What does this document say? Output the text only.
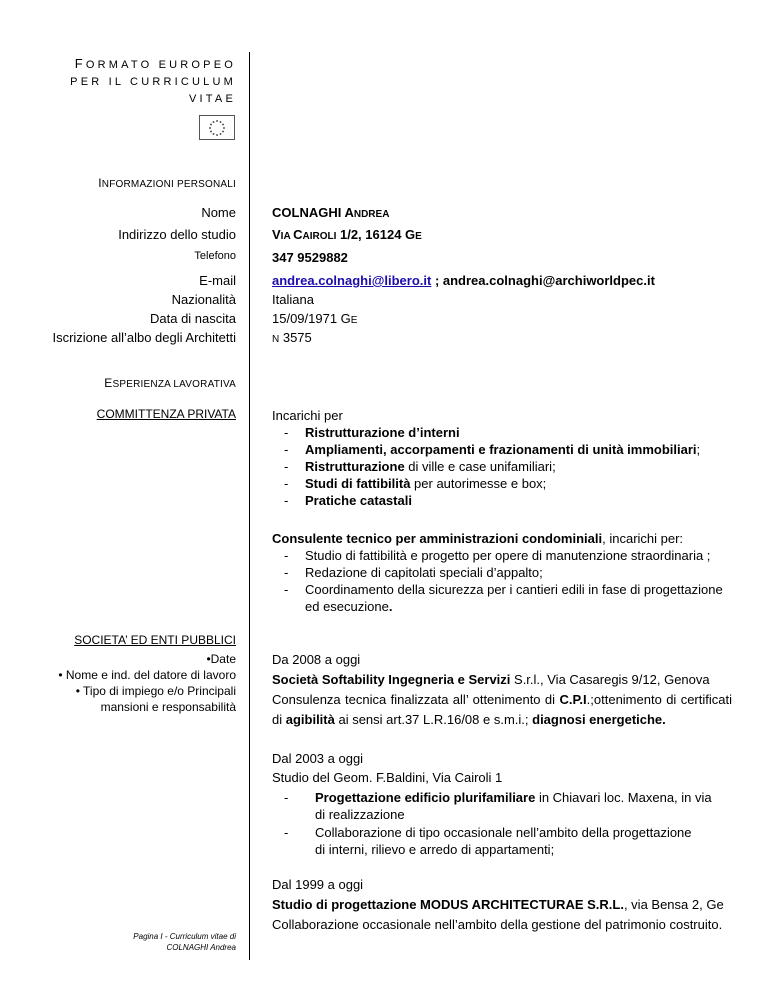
FORMATO EUROPEO
PER IL CURRICULUM
VITAE
INFORMAZIONI PERSONALI
Nome
Indirizzo dello studio
Telefono
E-mail
Nazionalità
Data di nascita
Iscrizione all’albo degli Architetti
COLNAGHI ANDREA
VIA CAIROLI 1/2, 16124 GE
347 9529882
andrea.colnaghi@libero.it ; andrea.colnaghi@archiworldpec.it
Italiana
15/09/1971 GE
N 3575
ESPERIENZA LAVORATIVA
COMMITTENZA PRIVATA	Incarichi per
- Ristrutturazione d’interni
- Ampliamenti, accorpamenti e frazionamenti di unità immobiliari;
- Ristrutturazione di ville e case unifamiliari;
- Studi di fattibilità per autorimesse e box;
- Pratiche catastali
Consulente tecnico per amministrazioni condominiali, incarichi per:
- Studio di fattibilità e progetto per opere di manutenzione straordinaria ;
- Redazione di capitolati speciali d’appalto;
- Coordinamento della sicurezza per i cantieri edili in fase di progettazione
ed esecuzione.
SOCIETA’ ED ENTI PUBBLICI
•Date
• Nome e ind. del datore di lavoro
• Tipo di impiego e/o Principali
mansioni e responsabilità
Da 2008 a oggi
Società Softability Ingegneria e Servizi S.r.l., Via Casaregis 9/12, Genova
Consulenza tecnica finalizzata all’ ottenimento di C.P.I.;ottenimento di certificati di agibilità ai sensi art.37 L.R.16/08 e s.m.i.; diagnosi energetiche.
Dal 2003 a oggi
Studio del Geom. F.Baldini, Via Cairoli 1
- Progettazione edificio plurifamiliare in Chiavari loc. Maxena, in via
di realizzazione
- Collaborazione di tipo occasionale nell’ambito della progettazione
di interni, rilievo e arredo di appartamenti;
Dal 1999 a oggi
Studio di progettazione MODUS ARCHITECTURAE S.R.L., via Bensa 2, Ge
Collaborazione occasionale nell’ambito della gestione del patrimonio costruito.
Pagina I - Curriculum vitae di
COLNAGHI Andrea
